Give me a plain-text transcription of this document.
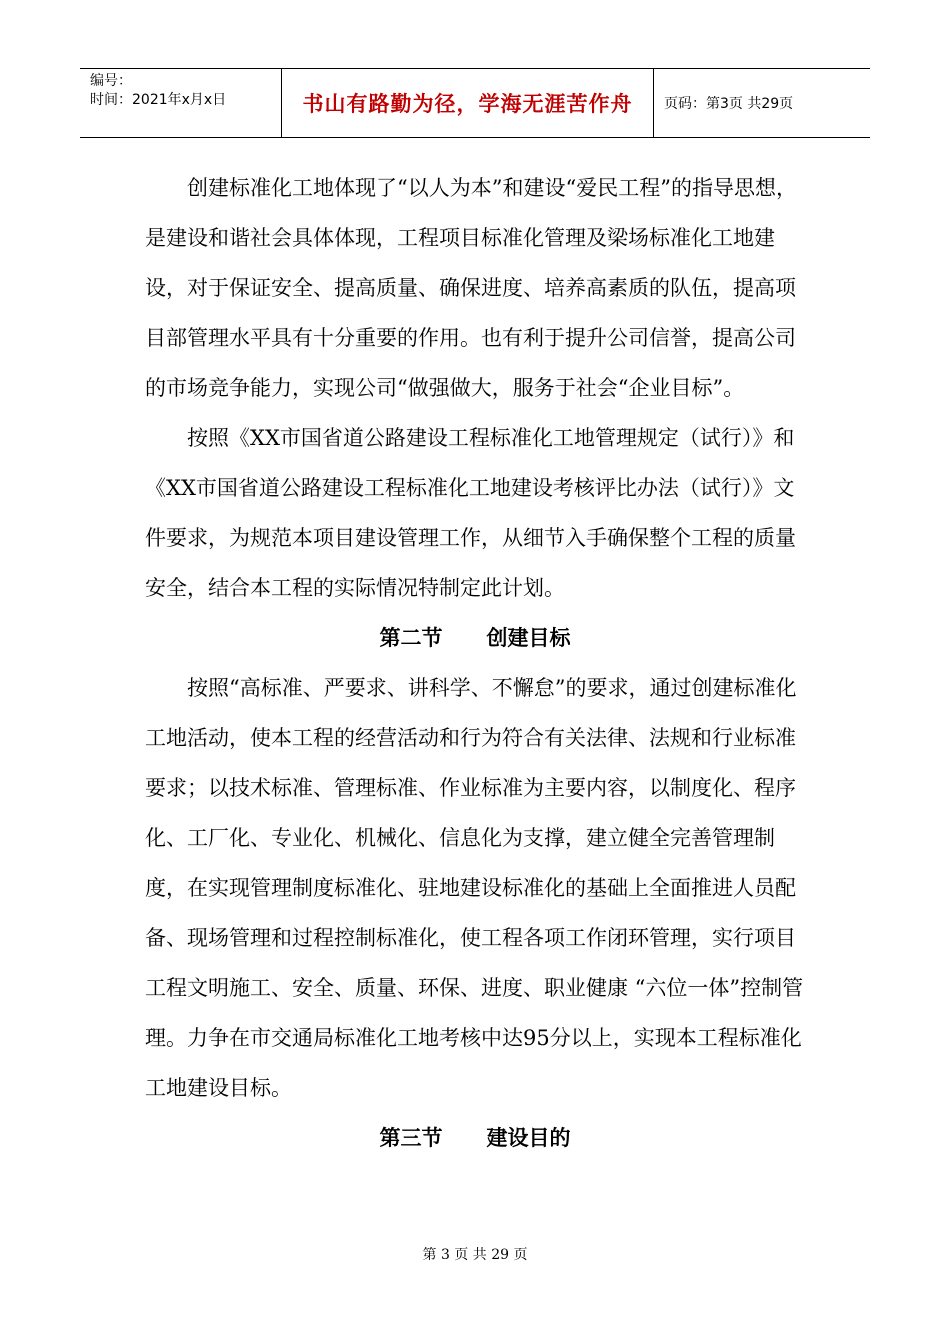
编号：
时间：2021年x月x日	书山有路勤为径，学海无涯苦作舟	页码：第3页 共29页

创建标准化工地体现了“以人为本”和建设“爱民工程”的指导思想，是建设和谐社会具体体现，工程项目标准化管理及梁场标准化工地建设，对于保证安全、提高质量、确保进度、培养高素质的队伍，提高项目部管理水平具有十分重要的作用。也有利于提升公司信誉，提高公司的市场竞争能力，实现公司“做强做大，服务于社会“企业目标”。

按照《XX市国省道公路建设工程标准化工地管理规定（试行）》和《XX市国省道公路建设工程标准化工地建设考核评比办法（试行）》文件要求，为规范本项目建设管理工作，从细节入手确保整个工程的质量安全，结合本工程的实际情况特制定此计划。

第二节 创建目标

按照“高标准、严要求、讲科学、不懈怠”的要求，通过创建标准化工地活动，使本工程的经营活动和行为符合有关法律、法规和行业标准要求；以技术标准、管理标准、作业标准为主要内容，以制度化、程序化、工厂化、专业化、机械化、信息化为支撑，建立健全完善管理制度，在实现管理制度标准化、驻地建设标准化的基础上全面推进人员配备、现场管理和过程控制标准化，使工程各项工作闭环管理，实行项目工程文明施工、安全、质量、环保、进度、职业健康 “六位一体”控制管理。力争在市交通局标准化工地考核中达95分以上，实现本工程标准化工地建设目标。

第三节 建设目的
第 3 页 共 29 页
